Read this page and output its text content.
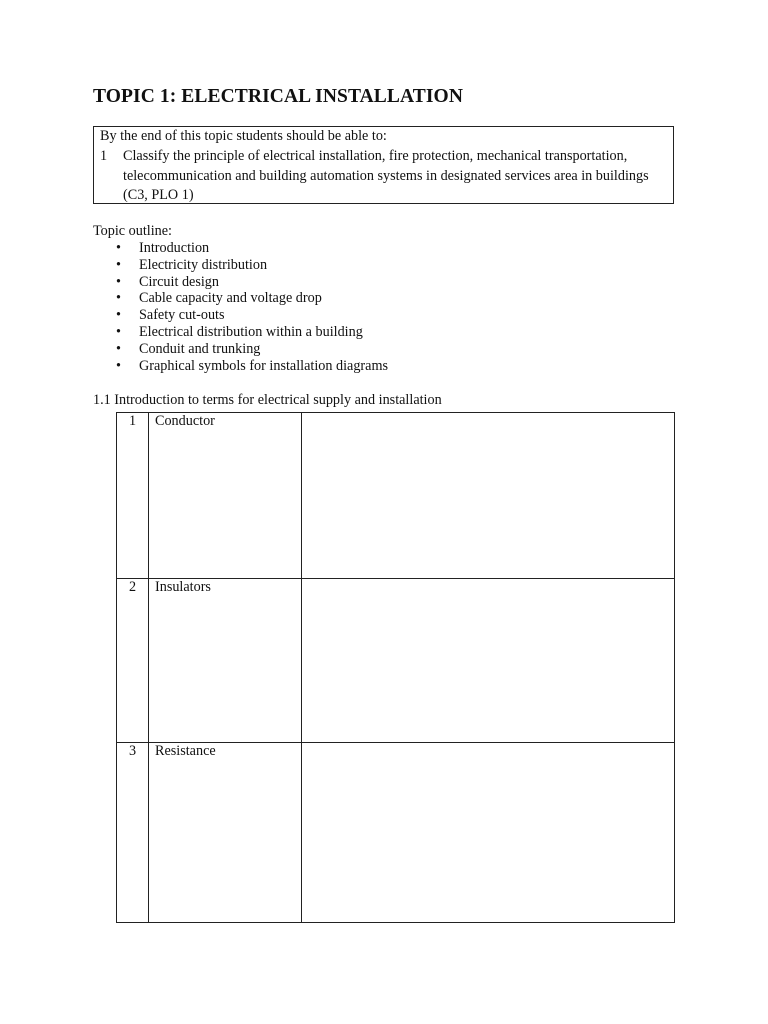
TOPIC 1: ELECTRICAL INSTALLATION
By the end of this topic students should be able to:
1 Classify the principle of electrical installation, fire protection, mechanical transportation, telecommunication and building automation systems in designated services area in buildings (C3, PLO 1)
Topic outline:
• Introduction
• Electricity distribution
• Circuit design
• Cable capacity and voltage drop
• Safety cut-outs
• Electrical distribution within a building
• Conduit and trunking
• Graphical symbols for installation diagrams
1.1 Introduction to terms for electrical supply and installation
1	Conductor	
2	Insulators	
3	Resistance	
